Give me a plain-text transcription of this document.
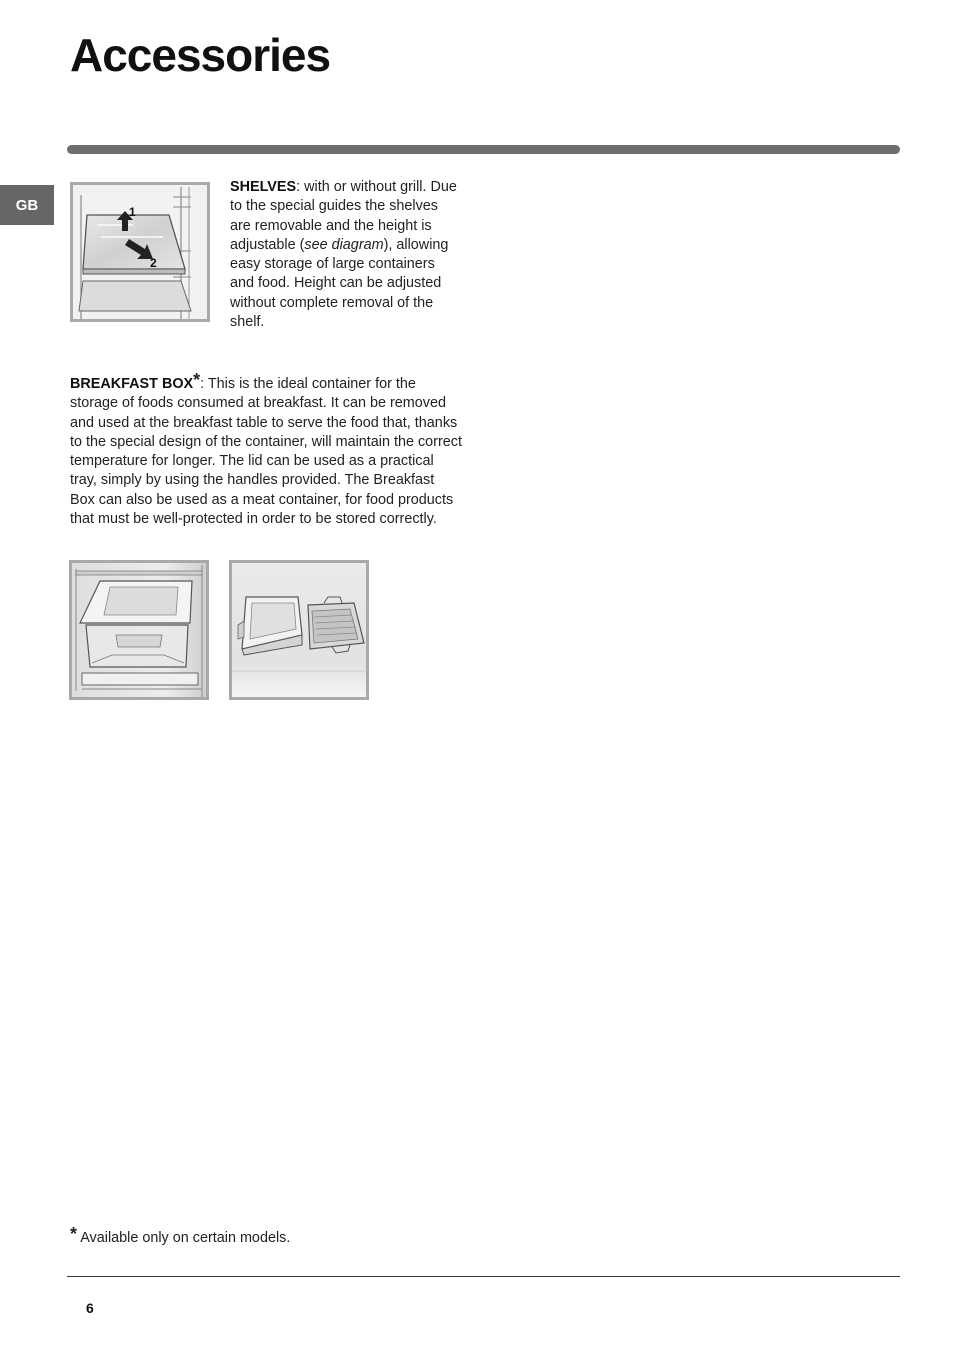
Accessories
GB	1
2

SHELVES: with or without grill. Due to the special guides the shelves are removable and the height is adjustable (see diagram), allowing easy storage of large containers and food. Height can be adjusted without complete removal of the shelf.

BREAKFAST BOX*: This is the ideal container for the storage of foods consumed at breakfast. It can be removed and used at the breakfast table to serve the food that, thanks to the special design of the container, will maintain the correct temperature for longer. The lid can be used as a practical tray, simply by using the handles provided. The Breakfast Box can also be used as a meat container, for food products that must be well-protected in order to be stored correctly.

* Available only on certain models.

6
